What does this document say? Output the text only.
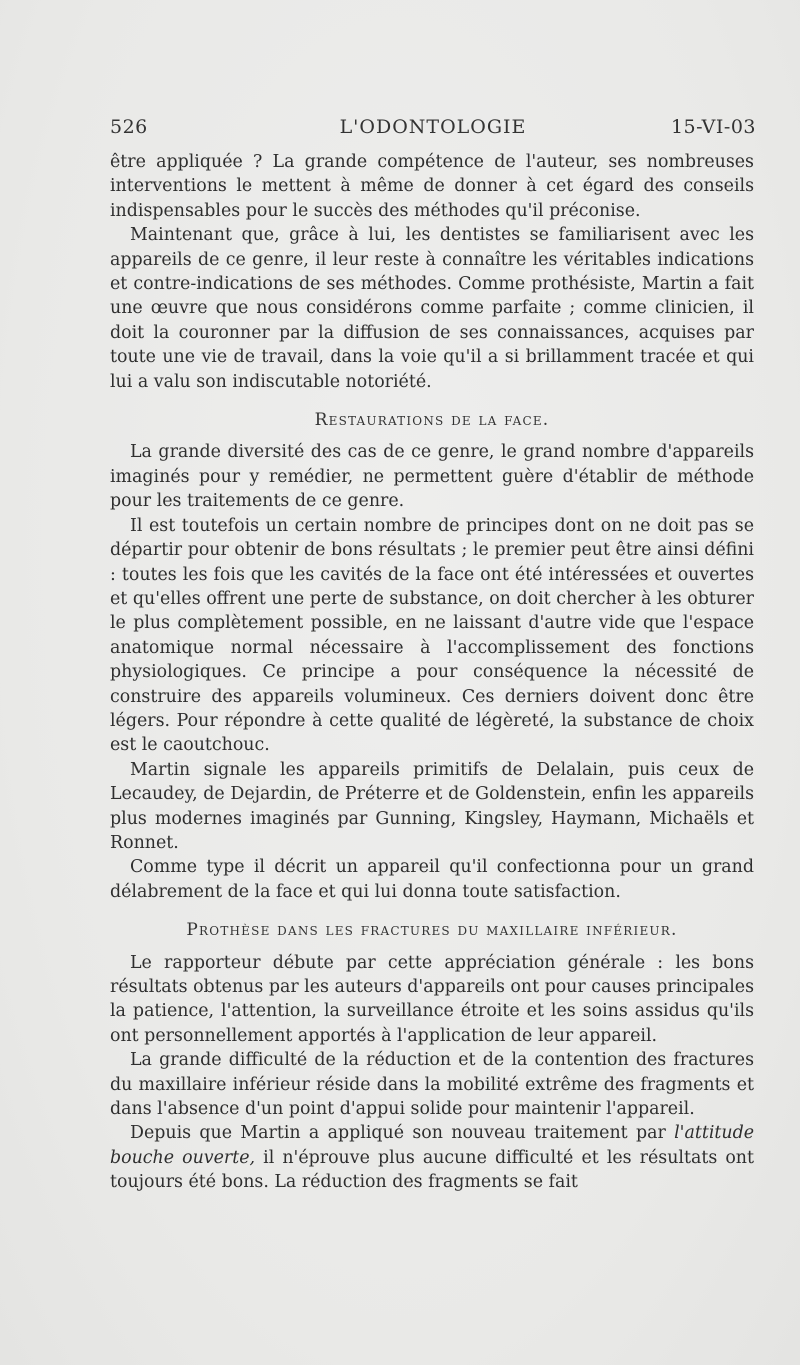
526	L'ODONTOLOGIE	15-VI-03

être appliquée ? La grande compétence de l'auteur, ses nombreuses interventions le mettent à même de donner à cet égard des conseils indispensables pour le succès des méthodes qu'il préconise.

Maintenant que, grâce à lui, les dentistes se familiarisent avec les appareils de ce genre, il leur reste à connaître les véritables indications et contre-indications de ses méthodes. Comme prothésiste, Martin a fait une œuvre que nous considérons comme parfaite ; comme clinicien, il doit la couronner par la diffusion de ses connaissances, acquises par toute une vie de travail, dans la voie qu'il a si brillamment tracée et qui lui a valu son indiscutable notoriété.

Restaurations de la face.

La grande diversité des cas de ce genre, le grand nombre d'appareils imaginés pour y remédier, ne permettent guère d'établir de méthode pour les traitements de ce genre.

Il est toutefois un certain nombre de principes dont on ne doit pas se départir pour obtenir de bons résultats ; le premier peut être ainsi défini : toutes les fois que les cavités de la face ont été intéressées et ouvertes et qu'elles offrent une perte de substance, on doit chercher à les obturer le plus complètement possible, en ne laissant d'autre vide que l'espace anatomique normal nécessaire à l'accomplissement des fonctions physiologiques. Ce principe a pour conséquence la nécessité de construire des appareils volumineux. Ces derniers doivent donc être légers. Pour répondre à cette qualité de légèreté, la substance de choix est le caoutchouc.

Martin signale les appareils primitifs de Delalain, puis ceux de Lecaudey, de Dejardin, de Préterre et de Goldenstein, enfin les appareils plus modernes imaginés par Gunning, Kingsley, Haymann, Michaëls et Ronnet.

Comme type il décrit un appareil qu'il confectionna pour un grand délabrement de la face et qui lui donna toute satisfaction.

Prothèse dans les fractures du maxillaire inférieur.

Le rapporteur débute par cette appréciation générale : les bons résultats obtenus par les auteurs d'appareils ont pour causes principales la patience, l'attention, la surveillance étroite et les soins assidus qu'ils ont personnellement apportés à l'application de leur appareil.

La grande difficulté de la réduction et de la contention des fractures du maxillaire inférieur réside dans la mobilité extrême des fragments et dans l'absence d'un point d'appui solide pour maintenir l'appareil.

Depuis que Martin a appliqué son nouveau traitement par l'attitude bouche ouverte, il n'éprouve plus aucune difficulté et les résultats ont toujours été bons. La réduction des fragments se fait
